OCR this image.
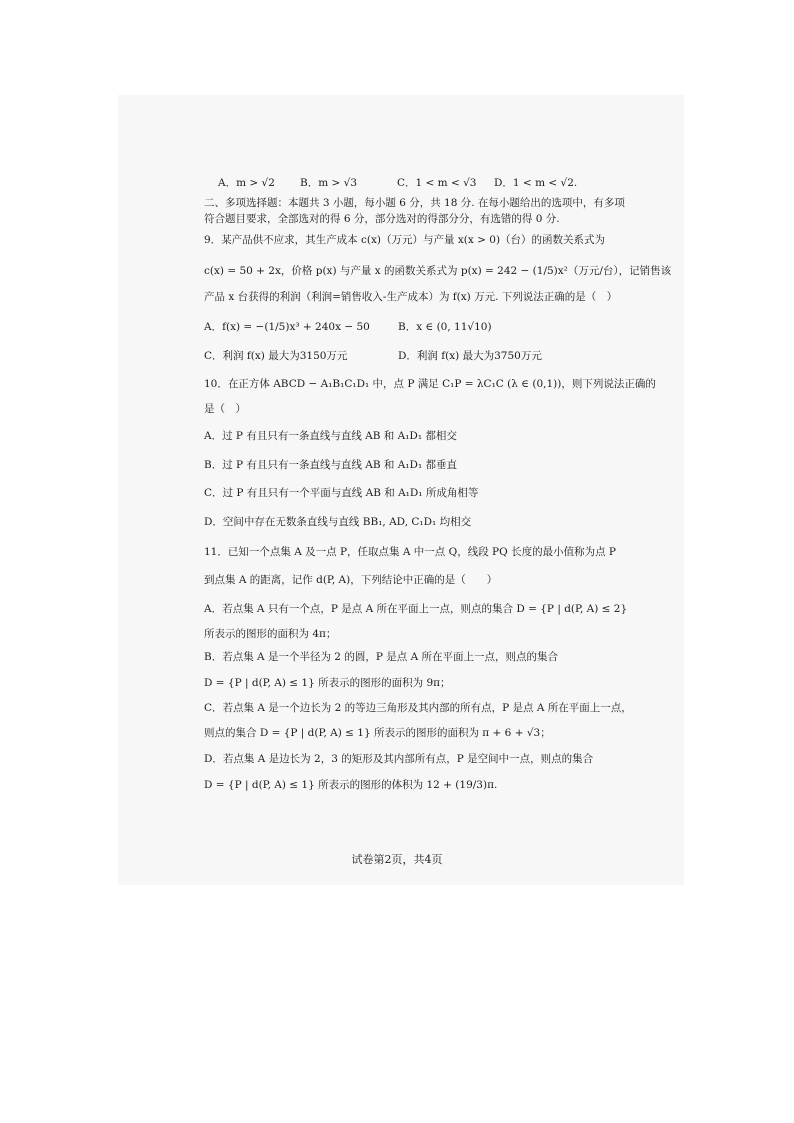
A．m > √2 B．m > √3	C．1 < m < √3 D．1 < m < √2.
二、多项选择题：本题共 3 小题，每小题 6 分，共 18 分. 在每小题给出的选项中，有多项
符合题目要求，全部选对的得 6 分，部分选对的得部分分，有选错的得 0 分.
9．某产品供不应求，其生产成本 c(x)（万元）与产量 x(x > 0)（台）的函数关系式为
c(x) = 50 + 2x，价格 p(x) 与产量 x 的函数关系式为 p(x) = 242 − (1/5)x²（万元/台），记销售该
产品 x 台获得的利润（利润=销售收入-生产成本）为 f(x) 万元. 下列说法正确的是（　）
A．f(x) = −(1/5)x³ + 240x − 50	B．x ∈ (0, 11√10)
C．利润 f(x) 最大为3150万元	D．利润 f(x) 最大为3750万元
10．在正方体 ABCD − A₁B₁C₁D₁ 中，点 P 满足 C₁P = λC₁C (λ ∈ (0,1))，则下列说法正确的
是（　）
A．过 P 有且只有一条直线与直线 AB 和 A₁D₁ 都相交
B．过 P 有且只有一条直线与直线 AB 和 A₁D₁ 都垂直
C．过 P 有且只有一个平面与直线 AB 和 A₁D₁ 所成角相等
D．空间中存在无数条直线与直线 BB₁, AD, C₁D₁ 均相交
11．已知一个点集 A 及一点 P，任取点集 A 中一点 Q，线段 PQ 长度的最小值称为点 P
到点集 A 的距离，记作 d(P, A)，下列结论中正确的是（　　）
A．若点集 A 只有一个点，P 是点 A 所在平面上一点，则点的集合 D = {P | d(P, A) ≤ 2}
所表示的图形的面积为 4π；
B．若点集 A 是一个半径为 2 的圆，P 是点 A 所在平面上一点，则点的集合
D = {P | d(P, A) ≤ 1} 所表示的图形的面积为 9π；
C．若点集 A 是一个边长为 2 的等边三角形及其内部的所有点，P 是点 A 所在平面上一点，
则点的集合 D = {P | d(P, A) ≤ 1} 所表示的图形的面积为 π + 6 + √3；
D．若点集 A 是边长为 2，3 的矩形及其内部所有点，P 是空间中一点，则点的集合
D = {P | d(P, A) ≤ 1} 所表示的图形的体积为 12 + (19/3)π.
试卷第2页，共4页
